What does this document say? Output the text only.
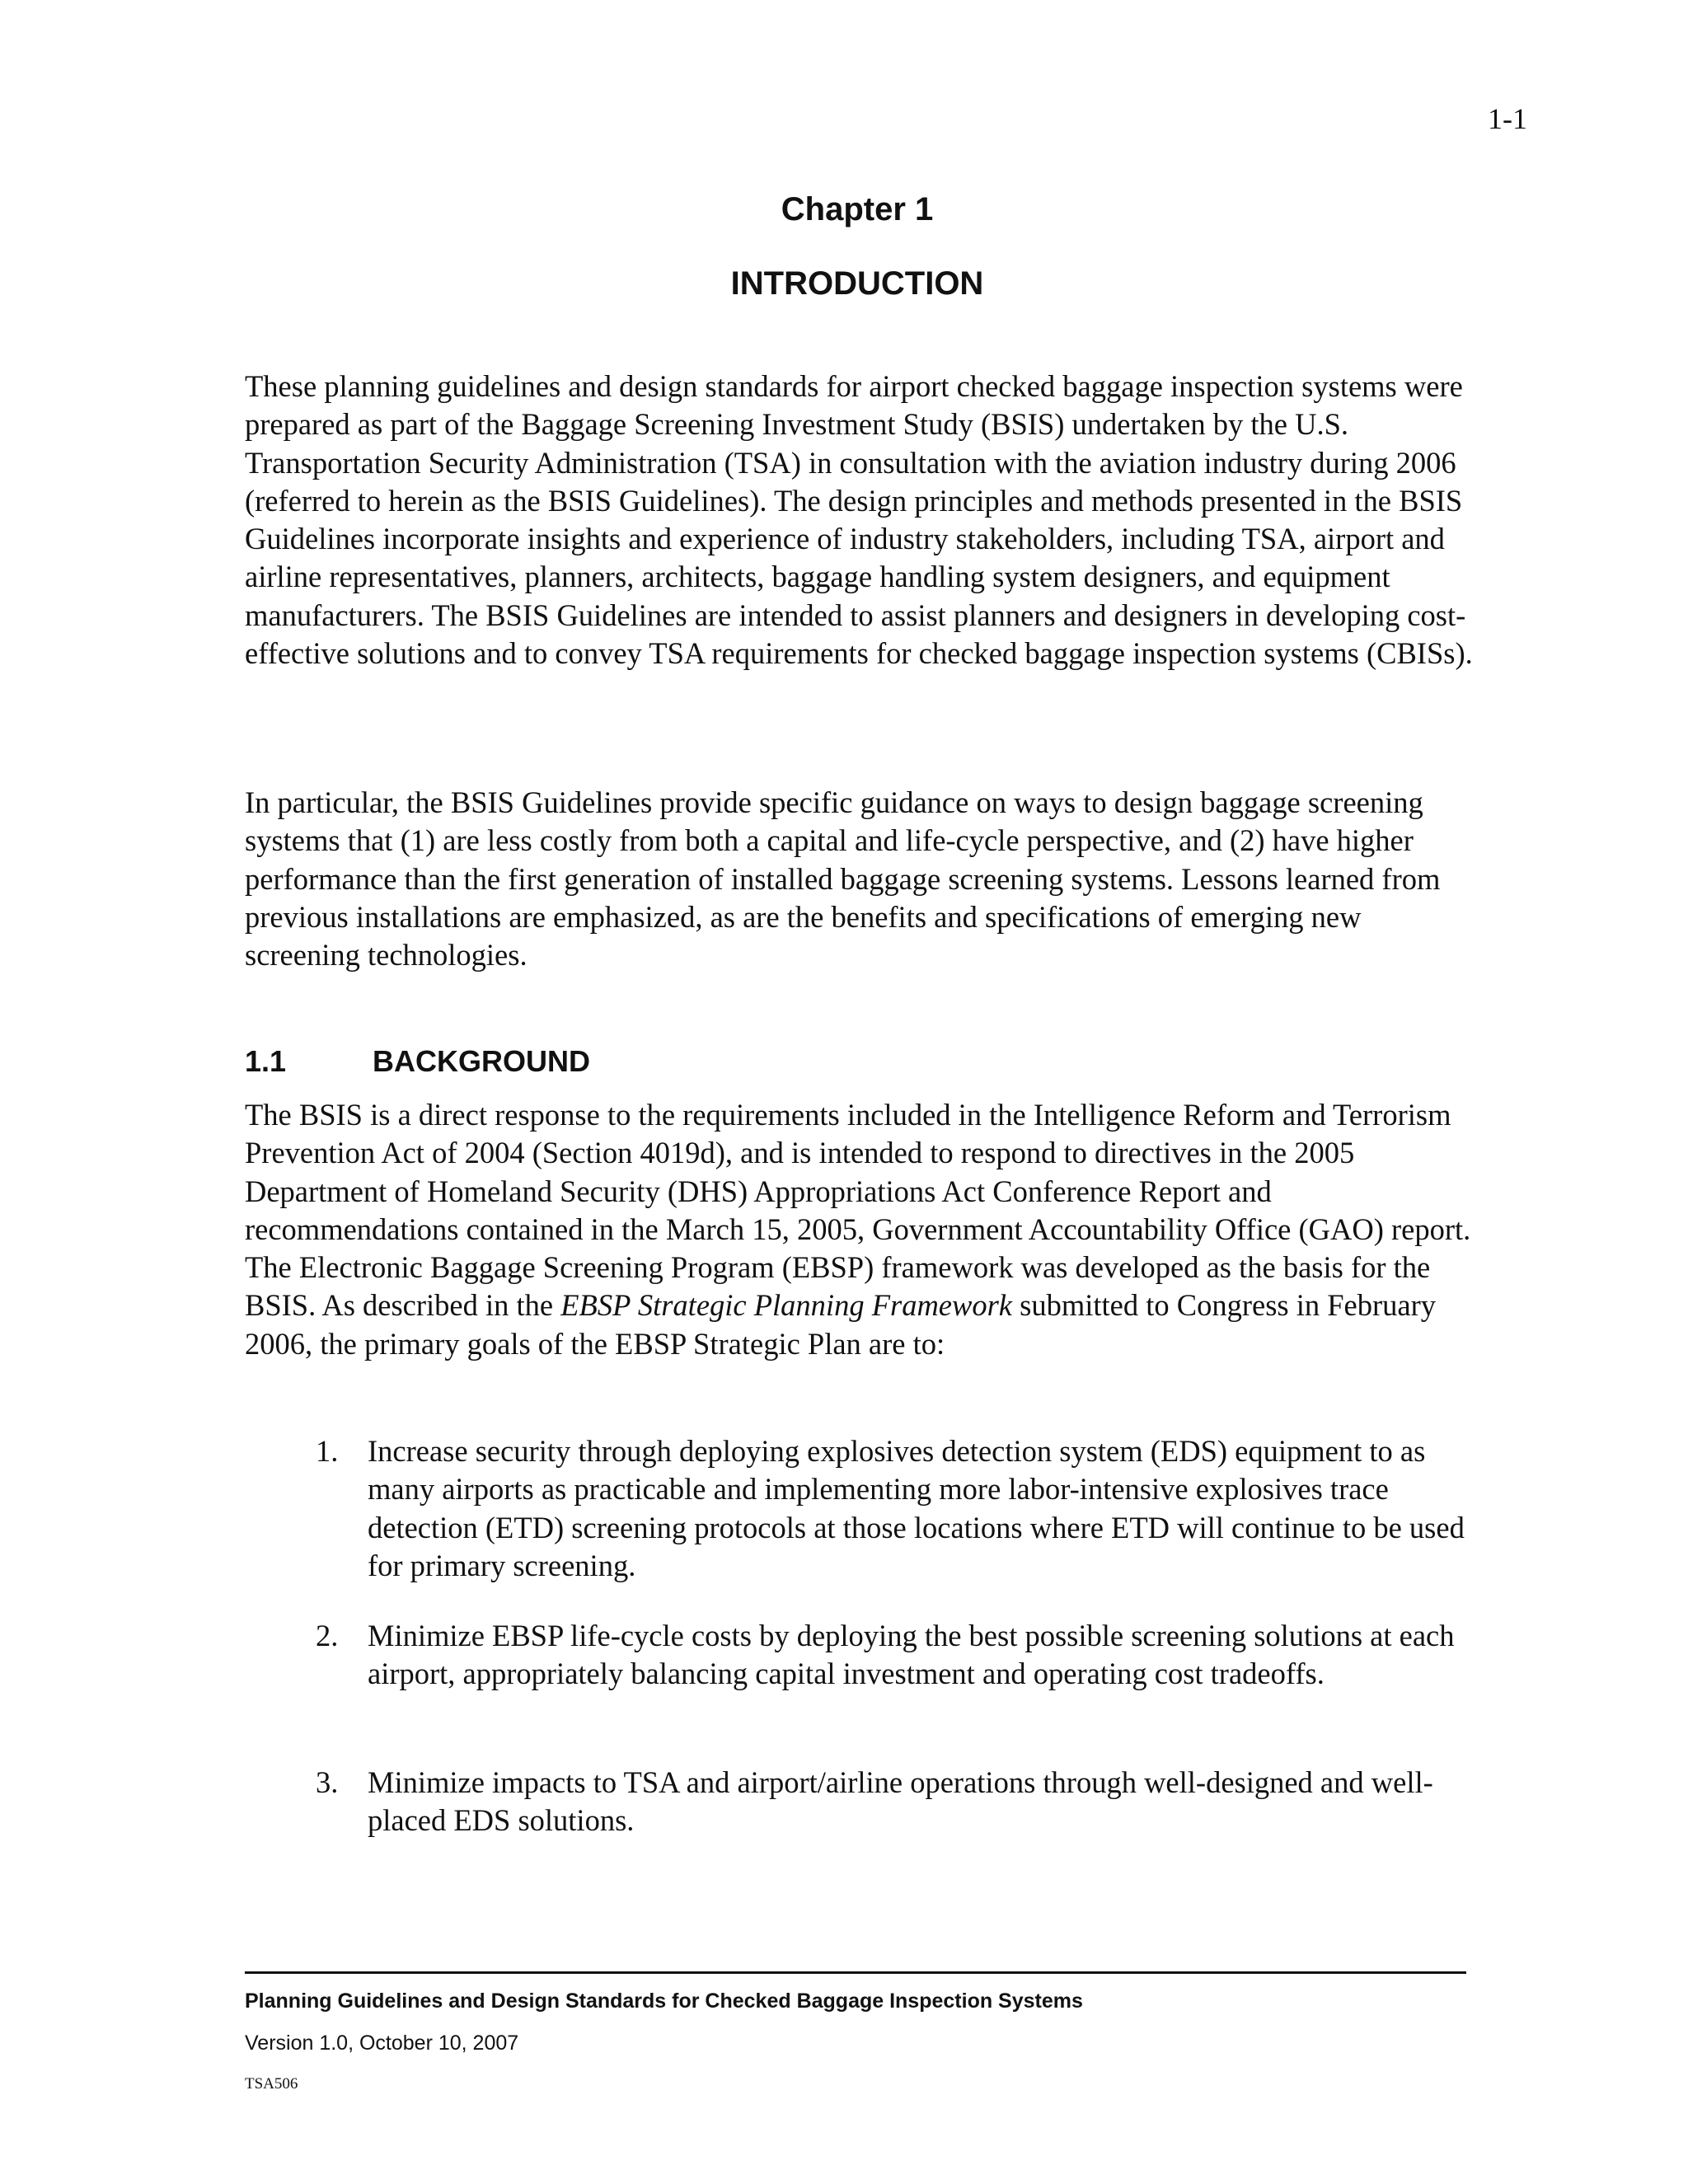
1-1
Chapter 1
INTRODUCTION

These planning guidelines and design standards for airport checked baggage inspection systems were prepared as part of the Baggage Screening Investment Study (BSIS) undertaken by the U.S. Transportation Security Administration (TSA) in consultation with the aviation industry during 2006 (referred to herein as the BSIS Guidelines). The design principles and methods presented in the BSIS Guidelines incorporate insights and experience of industry stakeholders, including TSA, airport and airline representatives, planners, architects, baggage handling system designers, and equipment manufacturers. The BSIS Guidelines are intended to assist planners and designers in developing cost-effective solutions and to convey TSA requirements for checked baggage inspection systems (CBISs).

In particular, the BSIS Guidelines provide specific guidance on ways to design baggage screening systems that (1) are less costly from both a capital and life-cycle perspective, and (2) have higher performance than the first generation of installed baggage screening systems. Lessons learned from previous installations are emphasized, as are the benefits and specifications of emerging new screening technologies.

1.1	BACKGROUND

The BSIS is a direct response to the requirements included in the Intelligence Reform and Terrorism Prevention Act of 2004 (Section 4019d), and is intended to respond to directives in the 2005 Department of Homeland Security (DHS) Appropriations Act Conference Report and recommendations contained in the March 15, 2005, Government Accountability Office (GAO) report. The Electronic Baggage Screening Program (EBSP) framework was developed as the basis for the BSIS. As described in the EBSP Strategic Planning Framework submitted to Congress in February 2006, the primary goals of the EBSP Strategic Plan are to:

1. Increase security through deploying explosives detection system (EDS) equipment to as many airports as practicable and implementing more labor-intensive explosives trace detection (ETD) screening protocols at those locations where ETD will continue to be used for primary screening.
2. Minimize EBSP life-cycle costs by deploying the best possible screening solutions at each airport, appropriately balancing capital investment and operating cost tradeoffs.
3. Minimize impacts to TSA and airport/airline operations through well-designed and well-placed EDS solutions.
Planning Guidelines and Design Standards for Checked Baggage Inspection Systems
Version 1.0, October 10, 2007
TSA506
